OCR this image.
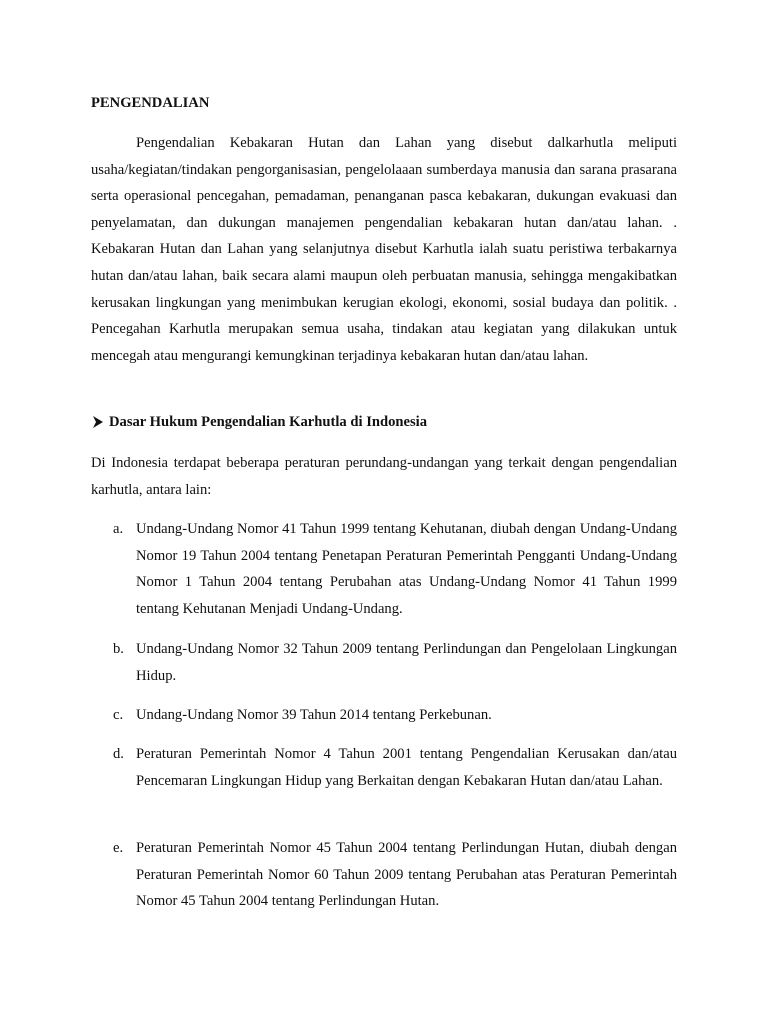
PENGENDALIAN

Pengendalian Kebakaran Hutan dan Lahan yang disebut dalkarhutla meliputi usaha/kegiatan/tindakan pengorganisasian, pengelolaaan sumberdaya manusia dan sarana prasarana serta operasional pencegahan, pemadaman, penanganan pasca kebakaran, dukungan evakuasi dan penyelamatan, dan dukungan manajemen pengendalian kebakaran hutan dan/atau lahan. . Kebakaran Hutan dan Lahan yang selanjutnya disebut Karhutla ialah suatu peristiwa terbakarnya hutan dan/atau lahan, baik secara alami maupun oleh perbuatan manusia, sehingga mengakibatkan kerusakan lingkungan yang menimbukan kerugian ekologi, ekonomi, sosial budaya dan politik. . Pencegahan Karhutla merupakan semua usaha, tindakan atau kegiatan yang dilakukan untuk mencegah atau mengurangi kemungkinan terjadinya kebakaran hutan dan/atau lahan.

Dasar Hukum Pengendalian Karhutla di Indonesia

Di Indonesia terdapat beberapa peraturan perundang-undangan yang terkait dengan pengendalian karhutla, antara lain:

a. Undang-Undang Nomor 41 Tahun 1999 tentang Kehutanan, diubah dengan Undang-Undang Nomor 19 Tahun 2004 tentang Penetapan Peraturan Pemerintah Pengganti Undang-Undang Nomor 1 Tahun 2004 tentang Perubahan atas Undang-Undang Nomor 41 Tahun 1999 tentang Kehutanan Menjadi Undang-Undang.

b. Undang-Undang Nomor 32 Tahun 2009 tentang Perlindungan dan Pengelolaan Lingkungan Hidup.

c. Undang-Undang Nomor 39 Tahun 2014 tentang Perkebunan.

d. Peraturan Pemerintah Nomor 4 Tahun 2001 tentang Pengendalian Kerusakan dan/atau Pencemaran Lingkungan Hidup yang Berkaitan dengan Kebakaran Hutan dan/atau Lahan.

e. Peraturan Pemerintah Nomor 45 Tahun 2004 tentang Perlindungan Hutan, diubah dengan Peraturan Pemerintah Nomor 60 Tahun 2009 tentang Perubahan atas Peraturan Pemerintah Nomor 45 Tahun 2004 tentang Perlindungan Hutan.
